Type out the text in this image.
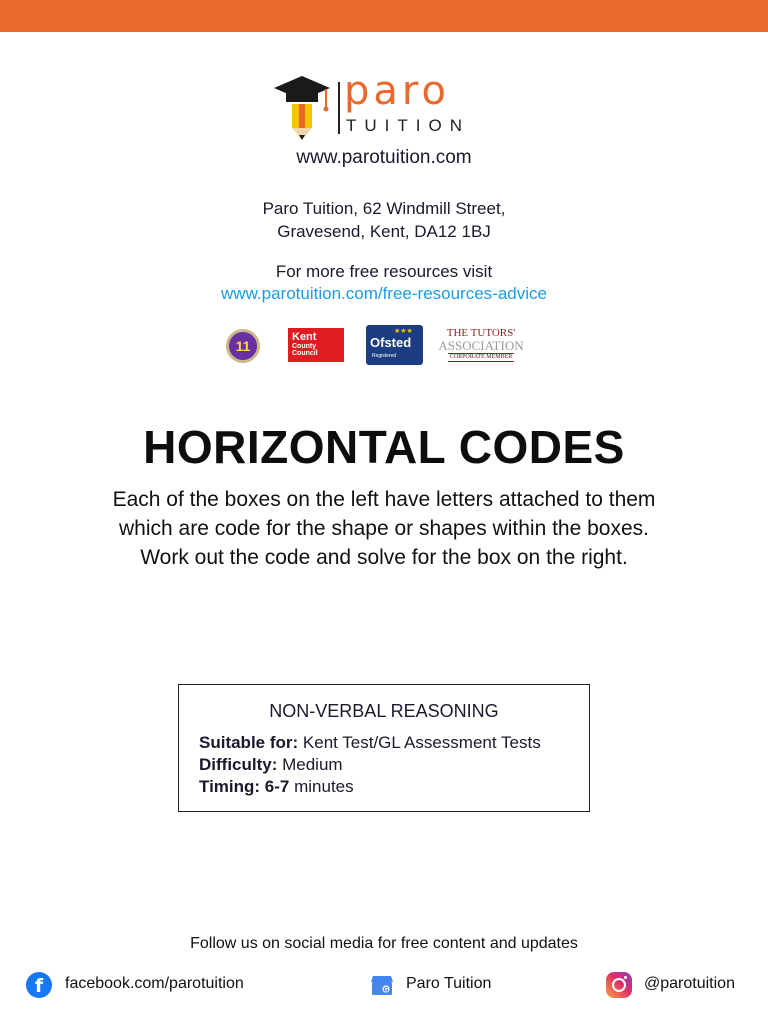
paro
TUITION
www.parotuition.com
Paro Tuition, 62 Windmill Street,
Gravesend, Kent, DA12 1BJ
For more free resources visit
www.parotuition.com/free-resources-advice
11
Kent
County
Council
★★★
Ofsted
Registered
THE TUTORS'
ASSOCIATION
CORPORATE MEMBER
HORIZONTAL CODES
Each of the boxes on the left have letters attached to them
which are code for the shape or shapes within the boxes.
Work out the code and solve for the box on the right.
NON-VERBAL REASONING
Suitable for: Kent Test/GL Assessment Tests
Difficulty: Medium
Timing: 6-7 minutes
Follow us on social media for free content and updates
f	facebook.com/parotuition	G Paro Tuition	@parotuition
